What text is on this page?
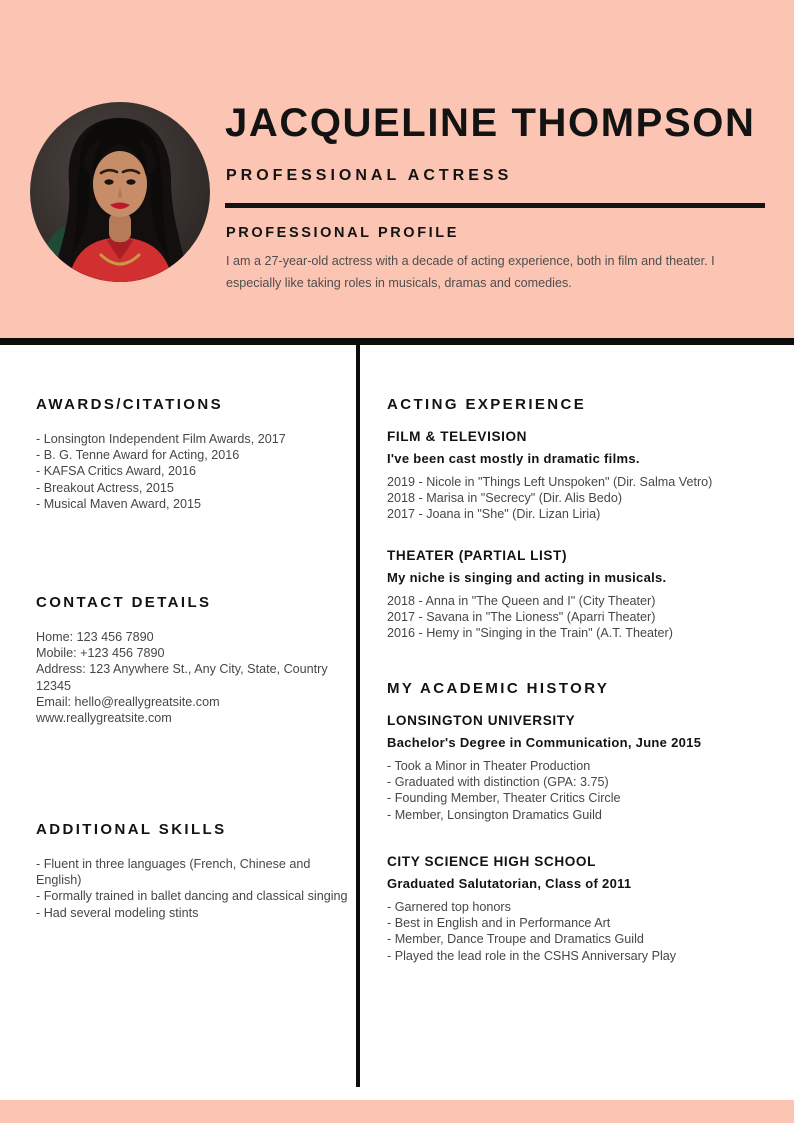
JACQUELINE THOMPSON
PROFESSIONAL ACTRESS
PROFESSIONAL PROFILE
I am a 27-year-old actress with a decade of acting experience, both in film and theater. I especially like taking roles in musicals, dramas and comedies.
AWARDS/CITATIONS
- Lonsington Independent Film Awards, 2017
- B. G. Tenne Award for Acting, 2016
- KAFSA Critics Award, 2016
- Breakout Actress, 2015
- Musical Maven Award, 2015
CONTACT DETAILS
Home: 123 456 7890
Mobile: +123 456 7890
Address: 123 Anywhere St., Any City, State, Country 12345
Email: hello@reallygreatsite.com
www.reallygreatsite.com
ADDITIONAL SKILLS
- Fluent in three languages (French, Chinese and English)
- Formally trained in ballet dancing and classical singing
- Had several modeling stints
ACTING EXPERIENCE
FILM & TELEVISION
I've been cast mostly in dramatic films.
2019 - Nicole in "Things Left Unspoken" (Dir. Salma Vetro)
2018 - Marisa in "Secrecy" (Dir. Alis Bedo)
2017 - Joana in "She" (Dir. Lizan Liria)
THEATER (PARTIAL LIST)
My niche is singing and acting in musicals.
2018 - Anna in "The Queen and I" (City Theater)
2017 - Savana in "The Lioness" (Aparri Theater)
2016 - Hemy in "Singing in the Train" (A.T. Theater)
MY ACADEMIC HISTORY
LONSINGTON UNIVERSITY
Bachelor's Degree in Communication, June 2015
- Took a Minor in Theater Production
- Graduated with distinction (GPA: 3.75)
- Founding Member, Theater Critics Circle
- Member, Lonsington Dramatics Guild
CITY SCIENCE HIGH SCHOOL
Graduated Salutatorian, Class of 2011
- Garnered top honors
- Best in English and in Performance Art
- Member, Dance Troupe and Dramatics Guild
- Played the lead role in the CSHS Anniversary Play
